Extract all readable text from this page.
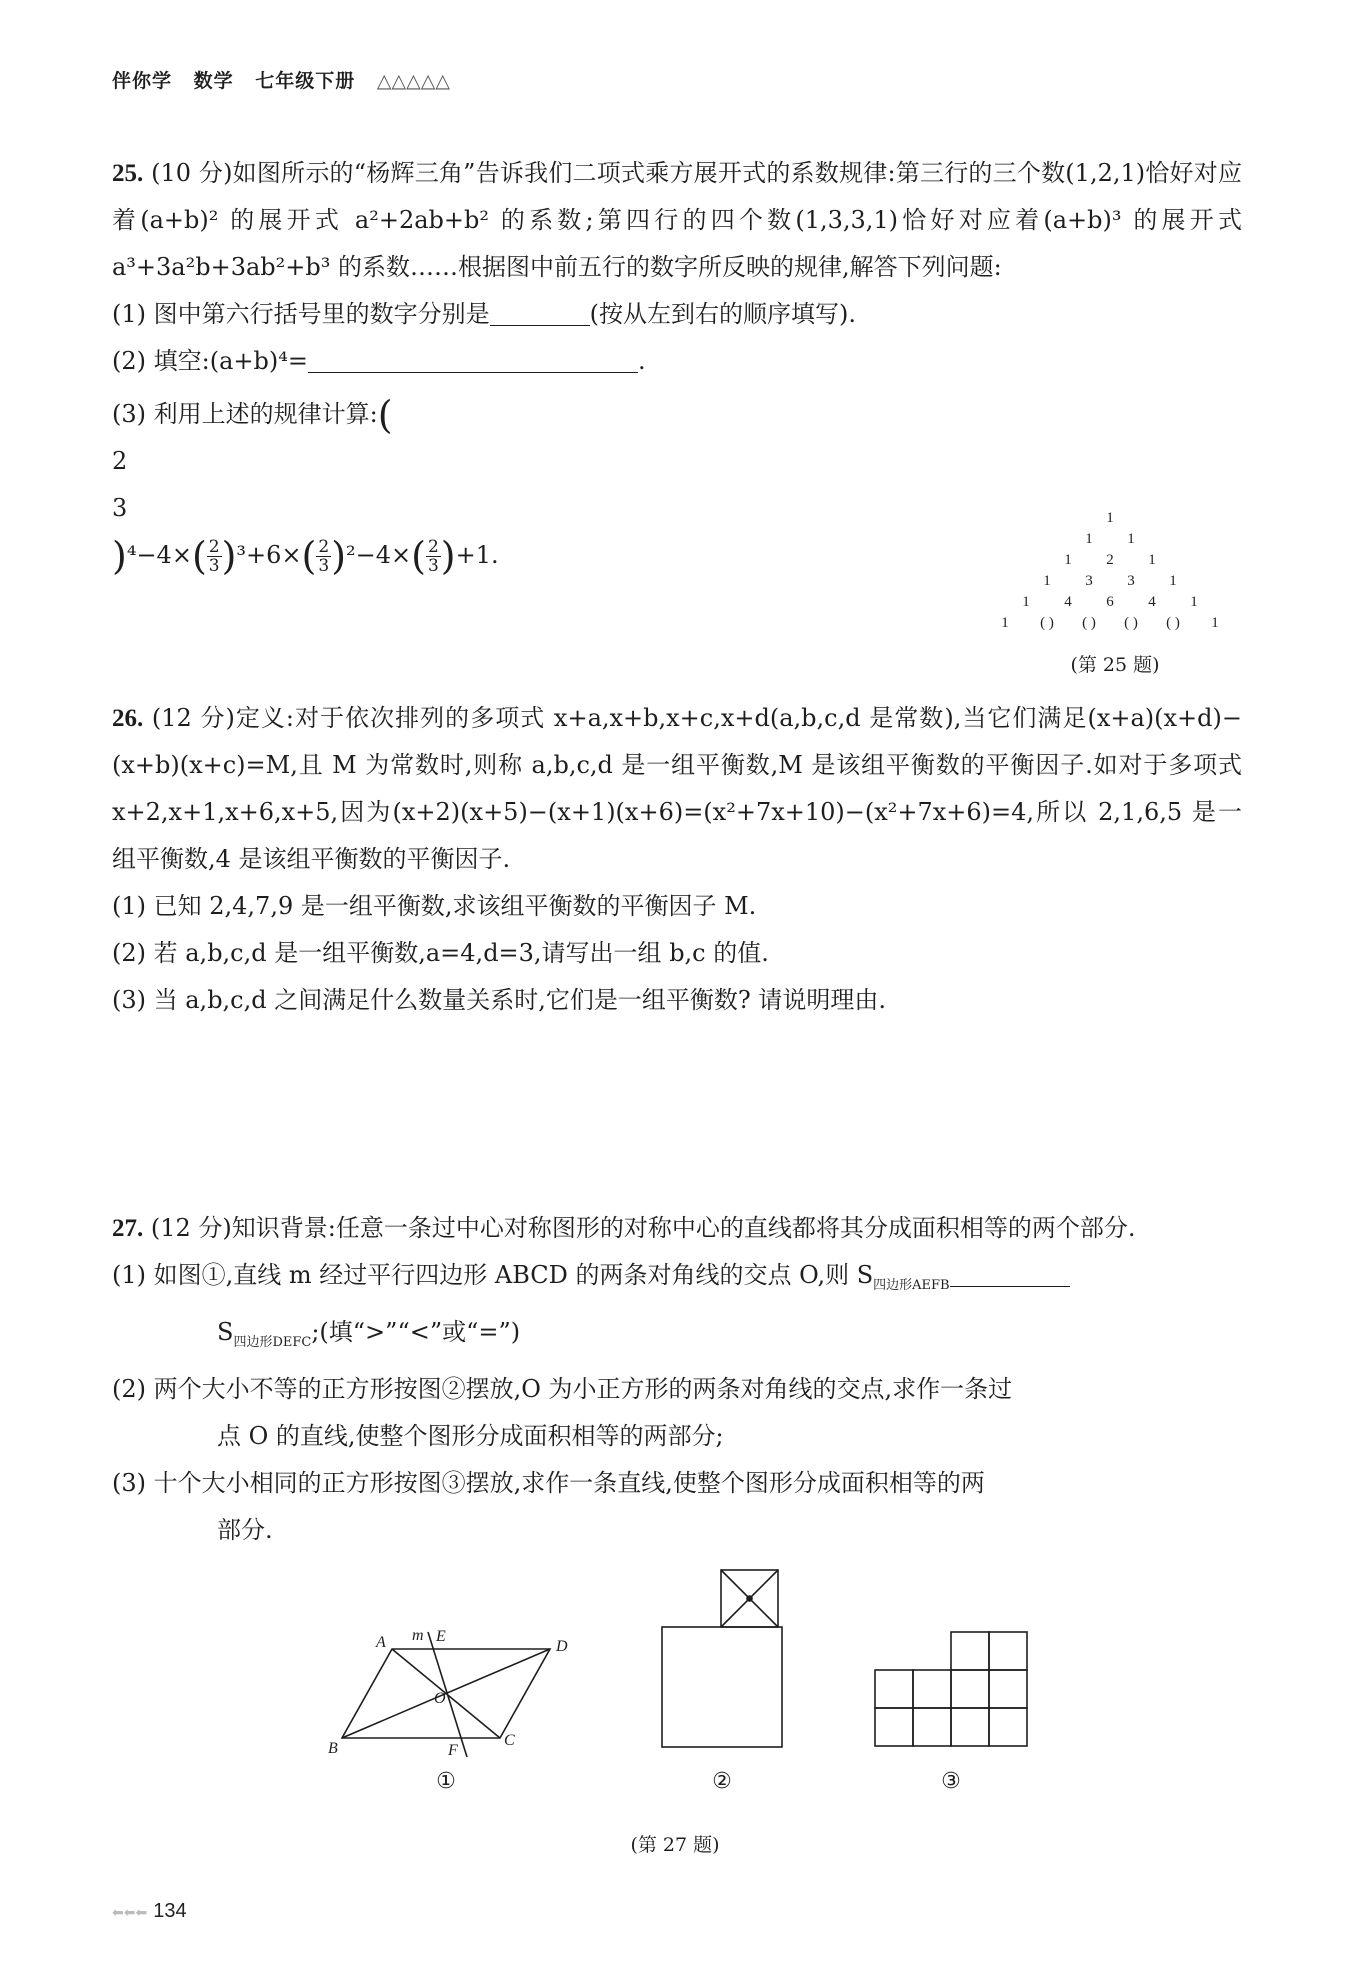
伴你学 数学 七年级下册 △△△△△

25. (10 分)如图所示的“杨辉三角”告诉我们二项式乘方展开式的系数规律:第三行的三个数(1,2,1)恰好对应着(a+b)² 的展开式 a²+2ab+b² 的系数;第四行的四个数(1,3,3,1)恰好对应着(a+b)³ 的展开式 a³+3a²b+3ab²+b³ 的系数……根据图中前五行的数字所反映的规律,解答下列问题:

(1) 图中第六行括号里的数字分别是	(按从左到右的顺序填写).

(2) 填空:(a+b)⁴=	.

(3) 利用上述的规律计算:(

2
3
)$^4-4\times( \frac{2}{3} )^3+6\times( \frac{2}{3} )^2-4\times( \frac{2}{3} )+1$.

1
1 1
1 2 1
1 3 3 1
1 4 6 4 1
1 ( ) ( ) ( ) ( ) 1
(第 25 题)

26. (12 分)定义:对于依次排列的多项式 x+a,x+b,x+c,x+d(a,b,c,d 是常数),当它们满足(x+a)(x+d)−(x+b)(x+c)=M,且 M 为常数时,则称 a,b,c,d 是一组平衡数,M 是该组平衡数的平衡因子.如对于多项式 x+2,x+1,x+6,x+5,因为(x+2)(x+5)−(x+1)(x+6)=(x²+7x+10)−(x²+7x+6)=4,所以 2,1,6,5 是一组平衡数,4 是该组平衡数的平衡因子.

(1) 已知 2,4,7,9 是一组平衡数,求该组平衡数的平衡因子 M.

(2) 若 a,b,c,d 是一组平衡数,a=4,d=3,请写出一组 b,c 的值.

(3) 当 a,b,c,d 之间满足什么数量关系时,它们是一组平衡数? 请说明理由.

27. (12 分)知识背景:任意一条过中心对称图形的对称中心的直线都将其分成面积相等的两个部分.

(1) 如图①,直线 m 经过平行四边形 ABCD 的两条对角线的交点 O,则 $S_{四边形AEFB}$

$S_{四边形DEFC}$;(填“>”“<”或“=”)

(2) 两个大小不等的正方形按图②摆放,O 为小正方形的两条对角线的交点,求作一条过

点 O 的直线,使整个图形分成面积相等的两部分;

(3) 十个大小相同的正方形按图③摆放,求作一条直线,使整个图形分成面积相等的两

部分.

A m E
D
O
B	F
C
①	②	③
(第 27 题)
⬅⬅⬅ 134
